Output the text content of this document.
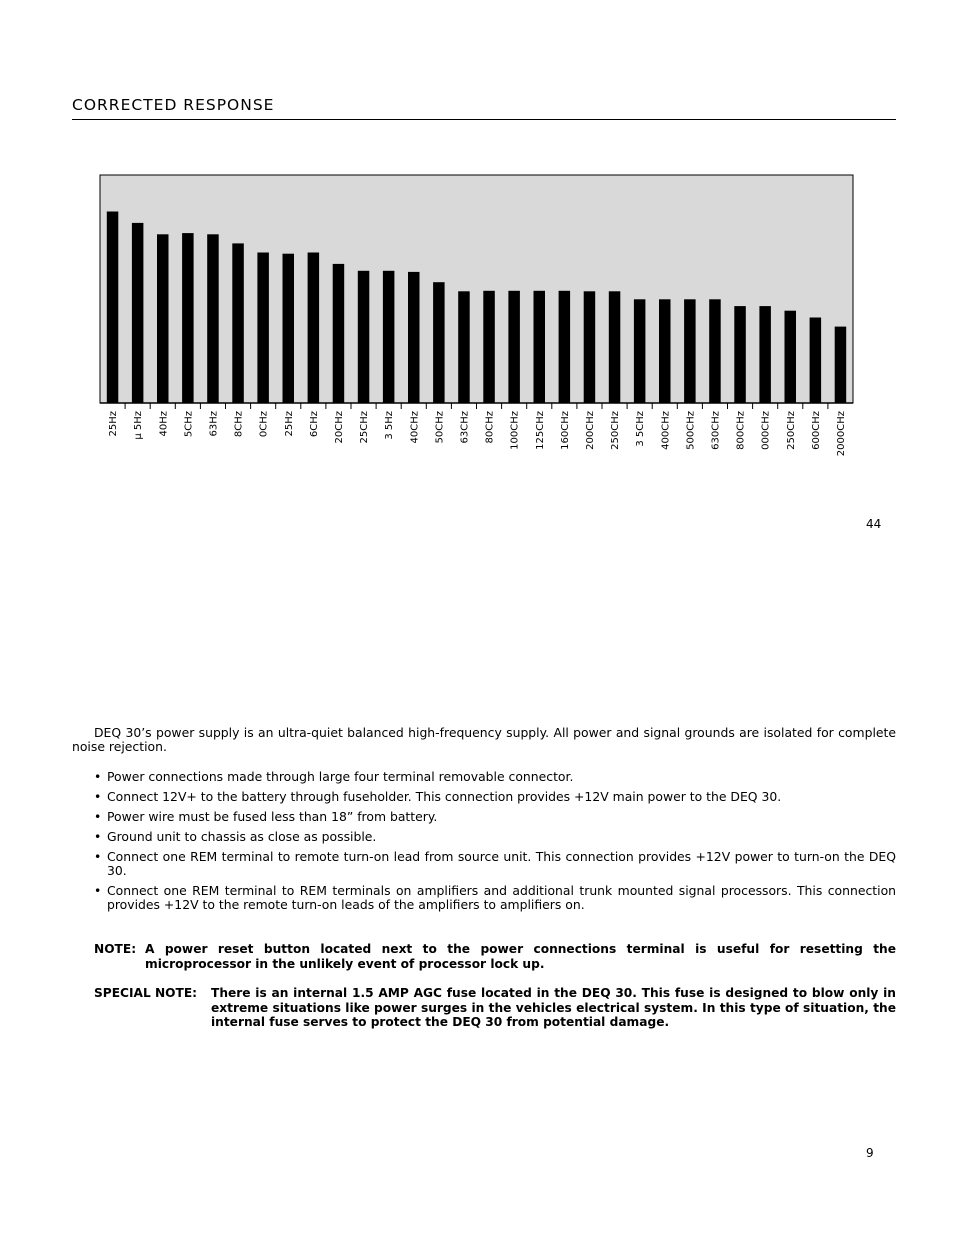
CORRECTED RESPONSE
25Hz μ 5Hz 40Hz 5CHz 63Hz 8CHz 0CHz 25Hz 6CHz 20CHz 25CHz 3 5Hz 40CHz 50CHz 63CHz 80CHz 100CHz 125CHz 160CHz 200CHz 250CHz 3 5CHz 400CHz 500CHz 630CHz 800CHz 000CHz 250CHz 600CHz 2000CHz
44
DEQ 30’s power supply is an ultra-quiet balanced high-frequency supply. All power and signal grounds are isolated for complete noise rejection.
• Power connections made through large four terminal removable connector.
• Connect 12V+ to the battery through fuseholder. This connection provides +12V main power to the DEQ 30.
• Power wire must be fused less than 18” from battery.
• Ground unit to chassis as close as possible.
• Connect one REM terminal to remote turn-on lead from source unit. This connection provides +12V power to turn-on the DEQ 30.
• Connect one REM terminal to REM terminals on amplifiers and additional trunk mounted signal processors. This connection provides +12V to the remote turn-on leads of the amplifiers to amplifiers on.
NOTE: A power reset button located next to the power connections terminal is useful for resetting the microprocessor in the unlikely event of processor lock up.
SPECIAL NOTE: There is an internal 1.5 AMP AGC fuse located in the DEQ 30. This fuse is designed to blow only in extreme situations like power surges in the vehicles electrical system. In this type of situation, the internal fuse serves to protect the DEQ 30 from potential damage.
9
